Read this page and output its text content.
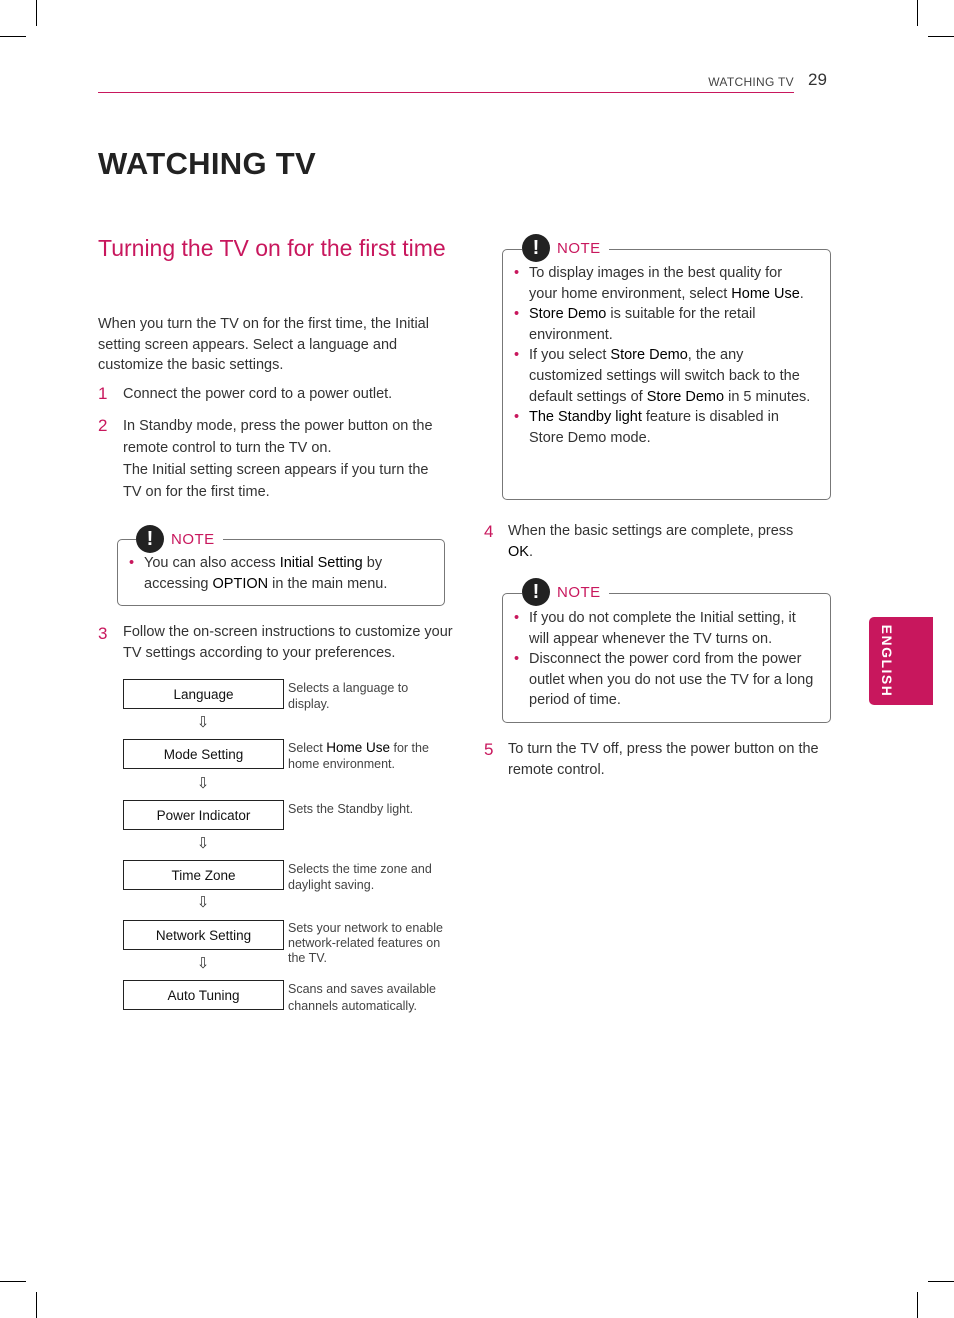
WATCHING TV 29
WATCHING TV
Turning the TV on for the first time
When you turn the TV on for the first time, the Initial setting screen appears. Select a language and customize the basic settings.
1 Connect the power cord to a power outlet.
2 In Standby mode, press the power button on the remote control to turn the TV on.
The Initial setting screen appears if you turn the TV on for the first time.
!	NOTE
• You can also access Initial Setting by accessing OPTION in the main menu.
3 Follow the on-screen instructions to customize your TV settings according to your preferences.
Language	Selects a language to display.
⇩
Mode Setting	Select Home Use for the home environment.
⇩
Power Indicator	Sets the Standby light.
⇩
Time Zone	Selects the time zone and daylight saving.
⇩
Network Setting	Sets your network to enable network-related features on the TV.
⇩
Auto Tuning	Scans and saves available channels automatically.
!	NOTE
• To display images in the best quality for your home environment, select Home Use.
• Store Demo is suitable for the retail environment.
• If you select Store Demo, the any customized settings will switch back to the default settings of Store Demo in 5 minutes.
• The Standby light feature is disabled in Store Demo mode.
4 When the basic settings are complete, press OK.
!	NOTE
• If you do not complete the Initial setting, it will appear whenever the TV turns on.
• Disconnect the power cord from the power outlet when you do not use the TV for a long period of time.
5 To turn the TV off, press the power button on the remote control.
ENGLISH
